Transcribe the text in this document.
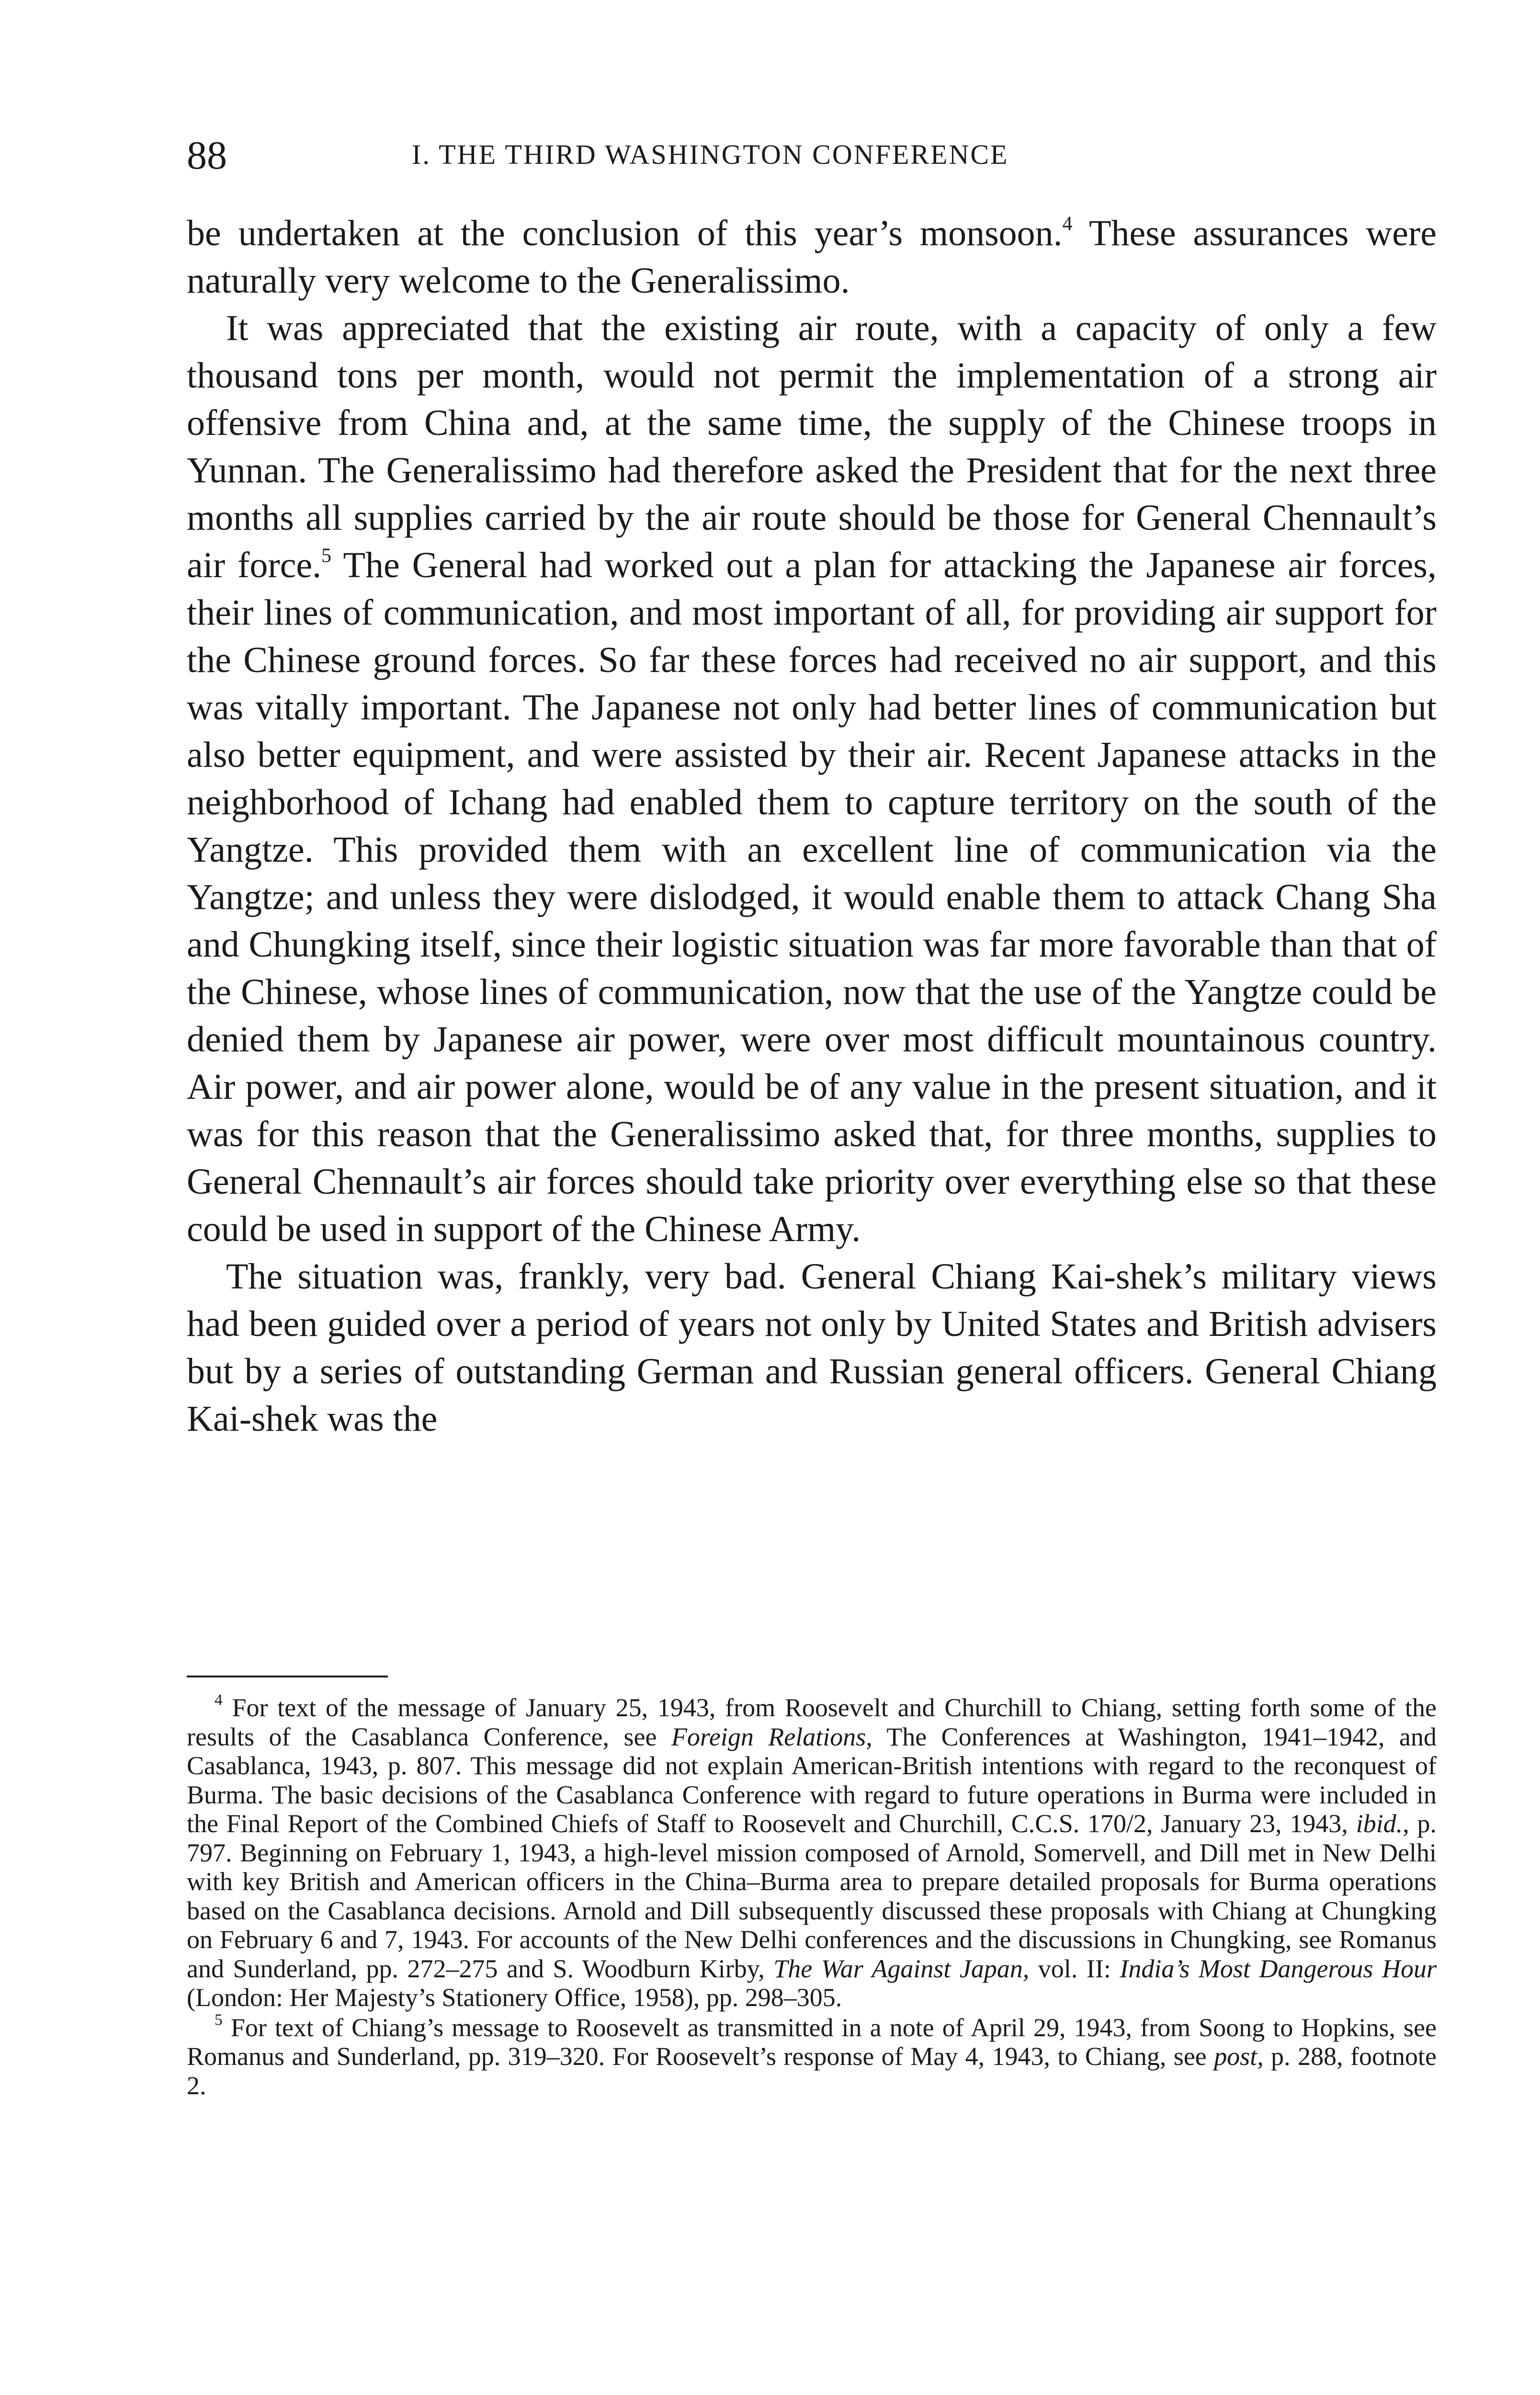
88	I. THE THIRD WASHINGTON CONFERENCE

be undertaken at the conclusion of this year’s monsoon.$^4$ These assurances were naturally very welcome to the Generalissimo.

It was appreciated that the existing air route, with a capacity of only a few thousand tons per month, would not permit the implementation of a strong air offensive from China and, at the same time, the supply of the Chinese troops in Yunnan. The Generalissimo had therefore asked the President that for the next three months all supplies carried by the air route should be those for General Chennault’s air force.$^5$ The General had worked out a plan for attacking the Japanese air forces, their lines of communication, and most important of all, for providing air support for the Chinese ground forces. So far these forces had received no air support, and this was vitally important. The Japanese not only had better lines of communication but also better equipment, and were assisted by their air. Recent Japanese attacks in the neighborhood of Ichang had enabled them to capture territory on the south of the Yangtze. This provided them with an excellent line of communication via the Yangtze; and unless they were dislodged, it would enable them to attack Chang Sha and Chungking itself, since their logistic situation was far more favorable than that of the Chinese, whose lines of communication, now that the use of the Yangtze could be denied them by Japanese air power, were over most difficult mountainous country. Air power, and air power alone, would be of any value in the present situation, and it was for this reason that the Generalissimo asked that, for three months, supplies to General Chennault’s air forces should take priority over everything else so that these could be used in support of the Chinese Army.

The situation was, frankly, very bad. General Chiang Kai-shek’s military views had been guided over a period of years not only by United States and British advisers but by a series of outstanding German and Russian general officers. General Chiang Kai-shek was the

$^4$ For text of the message of January 25, 1943, from Roosevelt and Churchill to Chiang, setting forth some of the results of the Casablanca Conference, see Foreign Relations, The Conferences at Washington, 1941–1942, and Casablanca, 1943, p. 807. This message did not explain American-British intentions with regard to the reconquest of Burma. The basic decisions of the Casablanca Conference with regard to future operations in Burma were included in the Final Report of the Combined Chiefs of Staff to Roosevelt and Churchill, C.C.S. 170/2, January 23, 1943, ibid., p. 797. Beginning on February 1, 1943, a high-level mission composed of Arnold, Somervell, and Dill met in New Delhi with key British and American officers in the China–Burma area to prepare detailed proposals for Burma operations based on the Casablanca decisions. Arnold and Dill subsequently discussed these proposals with Chiang at Chungking on February 6 and 7, 1943. For accounts of the New Delhi conferences and the discussions in Chungking, see Romanus and Sunderland, pp. 272–275 and S. Woodburn Kirby, The War Against Japan, vol. II: India’s Most Dangerous Hour (London: Her Majesty’s Stationery Office, 1958), pp. 298–305.

$^5$ For text of Chiang’s message to Roosevelt as transmitted in a note of April 29, 1943, from Soong to Hopkins, see Romanus and Sunderland, pp. 319–320. For Roosevelt’s response of May 4, 1943, to Chiang, see post, p. 288, footnote 2.
